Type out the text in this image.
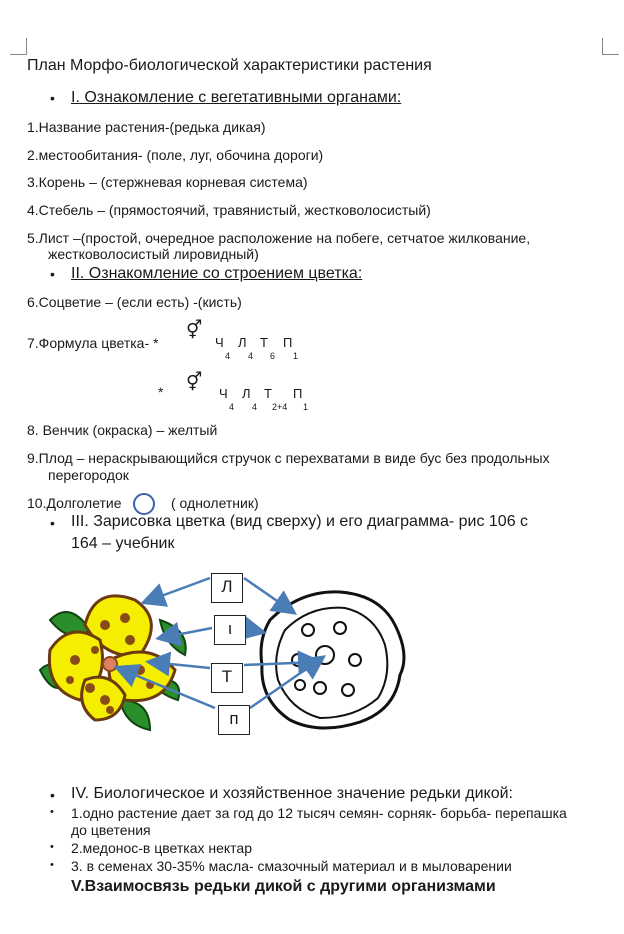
План Морфо-биологической характеристики растения
• I. Ознакомление с вегетативными органами:
1.Название растения-(редька дикая)
2.местообитания- (поле, луг, обочина дороги)
3.Корень – (стержневая корневая система)
4.Стебель – (прямостоячий, травянистый, жестковолосистый)
5.Лист –(простой, очередное расположение на побеге, сетчатое жилкование,
жестковолосистый лировидный)
• II. Ознакомление со строением цветка:
6.Соцветие – (если есть) -(кисть)
7.Формула цветка- *
⚥
Ч
4
Л
4
Т
6
П
1
* ⚥
Ч
4
Л
4
Т
2+4
П
1
8. Венчик (окраска) – желтый
9.Плод – нераскрывающийся стручок с перехватами в виде бус без продольных
перегородок
10.Долголетие	( однолетник)
• III. Зарисовка цветка (вид сверху) и его диаграмма- рис 106 с
164 – учебник
Л
ι
Т
п
• IV. Биологическое и хозяйственное значение редьки дикой:
• 1.одно растение дает за год до 12 тысяч семян- сорняк- борьба- перепашка
до цветения
• 2.медонос-в цветках нектар
• 3. в семенах 30-35% масла- смазочный материал и в мыловарении
V.Взаимосвязь редьки дикой с другими организмами
